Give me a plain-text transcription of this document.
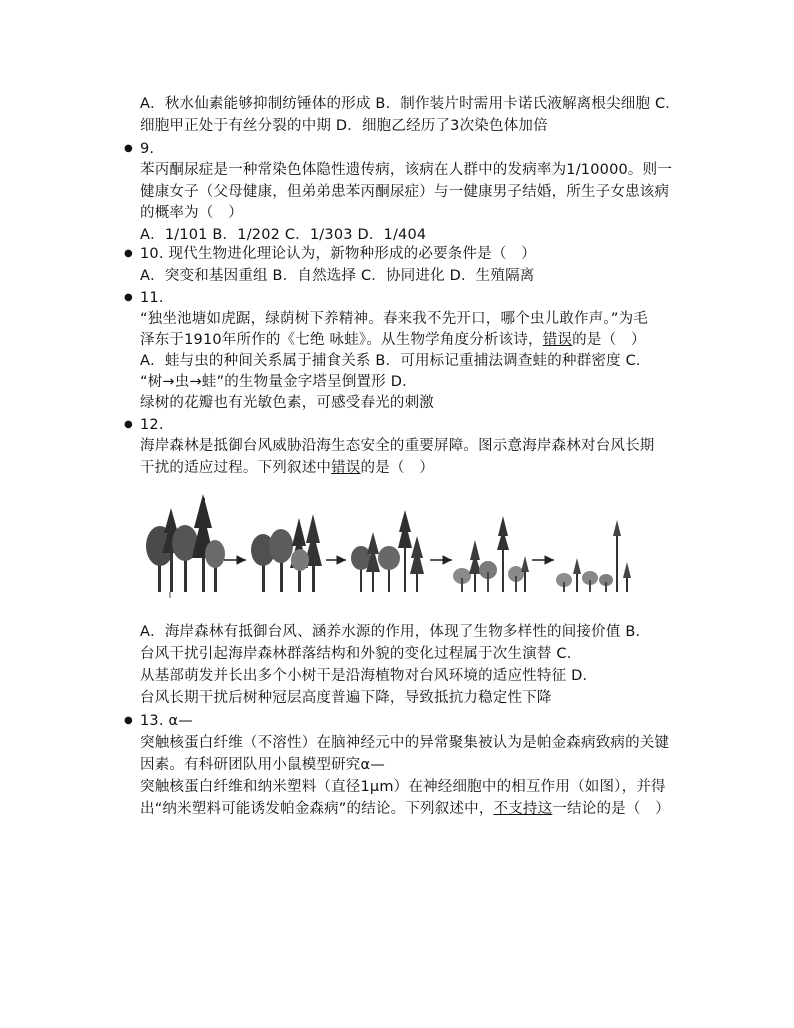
A．秋水仙素能够抑制纺锤体的形成 B．制作装片时需用卡诺氏液解离根尖细胞 C．
细胞甲正处于有丝分裂的中期 D．细胞乙经历了3次染色体加倍
● 9.
苯丙酮尿症是一种常染色体隐性遗传病，该病在人群中的发病率为1/10000。则一
健康女子（父母健康，但弟弟患苯丙酮尿症）与一健康男子结婚，所生子女患该病
的概率为（　）
A．1/101 B．1/202 C．1/303 D．1/404
● 10. 现代生物进化理论认为，新物种形成的必要条件是（　）
A．突变和基因重组 B．自然选择 C．协同进化 D．生殖隔离
● 11.
“独坐池塘如虎踞，绿荫树下养精神。春来我不先开口，哪个虫儿敢作声。”为毛
泽东于1910年所作的《七绝 咏蛙》。从生物学角度分析该诗，错误的是（　）
A．蛙与虫的种间关系属于捕食关系 B．可用标记重捕法调查蛙的种群密度 C．
“树→虫→蛙”的生物量金字塔呈倒置形 D．
绿树的花瓣也有光敏色素，可感受春光的刺激
● 12.
海岸森林是抵御台风威胁沿海生态安全的重要屏障。图示意海岸森林对台风长期
干扰的适应过程。下列叙述中错误的是（　）
A．海岸森林有抵御台风、涵养水源的作用，体现了生物多样性的间接价值 B．
台风干扰引起海岸森林群落结构和外貌的变化过程属于次生演替 C．
从基部萌发并长出多个小树干是沿海植物对台风环境的适应性特征 D．
台风长期干扰后树种冠层高度普遍下降，导致抵抗力稳定性下降
● 13. α—
突触核蛋白纤维（不溶性）在脑神经元中的异常聚集被认为是帕金森病致病的关键
因素。有科研团队用小鼠模型研究α—
突触核蛋白纤维和纳米塑料（直径1μm）在神经细胞中的相互作用（如图），并得
出“纳米塑料可能诱发帕金森病”的结论。下列叙述中，不支持这一结论的是（　）
